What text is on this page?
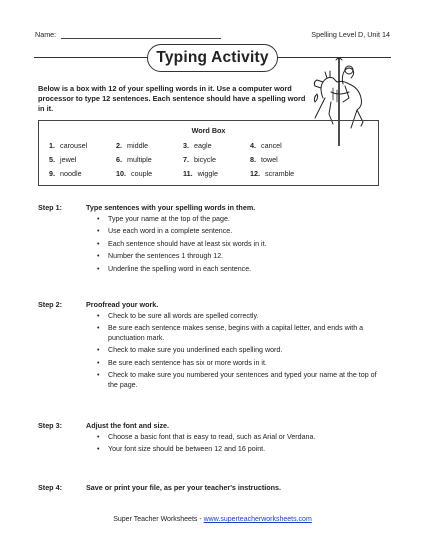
Name:	Spelling Level D, Unit 14
Typing Activity
Below is a box with 12 of your spelling words in it. Use a computer word processor to type 12 sentences. Each sentence should have a spelling word in it.
Word Box
1. carousel	2. middle	3. eagle	4. cancel
5. jewel	6. multiple	7. bicycle	8. towel
9. noodle	10. couple	11. wiggle	12. scramble
Step 1:	Type sentences with your spelling words in them.
• Type your name at the top of the page.
• Use each word in a complete sentence.
• Each sentence should have at least six words in it.
• Number the sentences 1 through 12.
• Underline the spelling word in each sentence.
Step 2:	Proofread your work.
• Check to be sure all words are spelled correctly.
• Be sure each sentence makes sense, begins with a capital letter, and ends with a punctuation mark.
• Check to make sure you underlined each spelling word.
• Be sure each sentence has six or more words in it.
• Check to make sure you numbered your sentences and typed your name at the top of the page.
Step 3:	Adjust the font and size.
• Choose a basic font that is easy to read, such as Arial or Verdana.
• Your font size should be between 12 and 16 point.
Step 4:	Save or print your file, as per your teacher's instructions.
Super Teacher Worksheets - www.superteacherworksheets.com
